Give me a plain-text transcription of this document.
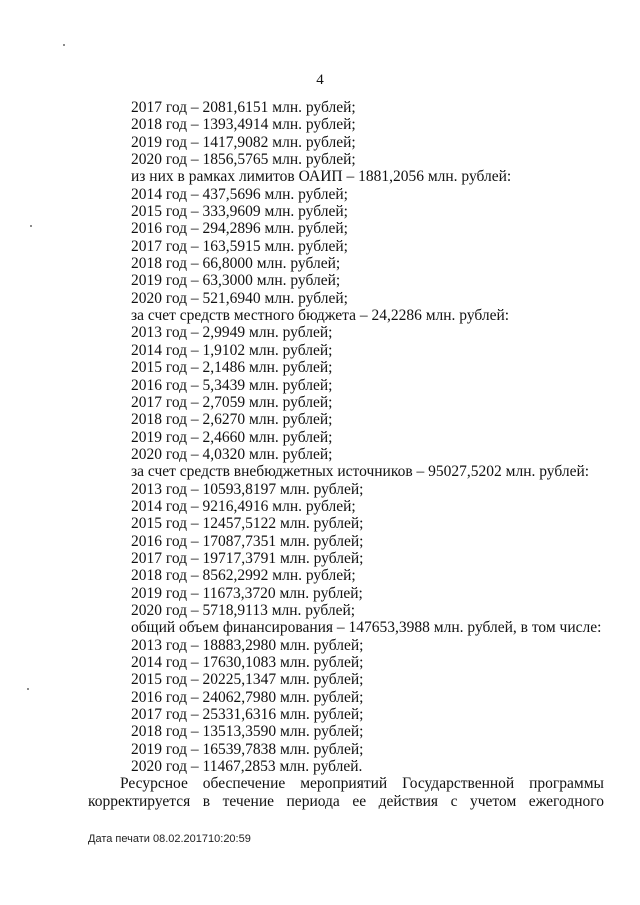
4
2017 год – 2081,6151 млн. рублей;
2018 год – 1393,4914 млн. рублей;
2019 год – 1417,9082 млн. рублей;
2020 год – 1856,5765 млн. рублей;
из них в рамках лимитов ОАИП – 1881,2056 млн. рублей:
2014 год – 437,5696 млн. рублей;
2015 год – 333,9609 млн. рублей;
2016 год – 294,2896 млн. рублей;
2017 год – 163,5915 млн. рублей;
2018 год – 66,8000 млн. рублей;
2019 год – 63,3000 млн. рублей;
2020 год – 521,6940 млн. рублей;
за счет средств местного бюджета – 24,2286 млн. рублей:
2013 год – 2,9949 млн. рублей;
2014 год – 1,9102 млн. рублей;
2015 год – 2,1486 млн. рублей;
2016 год – 5,3439 млн. рублей;
2017 год – 2,7059 млн. рублей;
2018 год – 2,6270 млн. рублей;
2019 год – 2,4660 млн. рублей;
2020 год – 4,0320 млн. рублей;
за счет средств внебюджетных источников – 95027,5202 млн. рублей:
2013 год – 10593,8197 млн. рублей;
2014 год – 9216,4916 млн. рублей;
2015 год – 12457,5122 млн. рублей;
2016 год – 17087,7351 млн. рублей;
2017 год – 19717,3791 млн. рублей;
2018 год – 8562,2992 млн. рублей;
2019 год – 11673,3720 млн. рублей;
2020 год – 5718,9113 млн. рублей;
общий объем финансирования – 147653,3988 млн. рублей, в том числе:
2013 год – 18883,2980 млн. рублей;
2014 год – 17630,1083 млн. рублей;
2015 год – 20225,1347 млн. рублей;
2016 год – 24062,7980 млн. рублей;
2017 год – 25331,6316 млн. рублей;
2018 год – 13513,3590 млн. рублей;
2019 год – 16539,7838 млн. рублей;
2020 год – 11467,2853 млн. рублей.
Ресурсное обеспечение мероприятий Государственной программы
корректируется в течение периода ее действия с учетом ежегодного
Дата печати 08.02.201710:20:59
